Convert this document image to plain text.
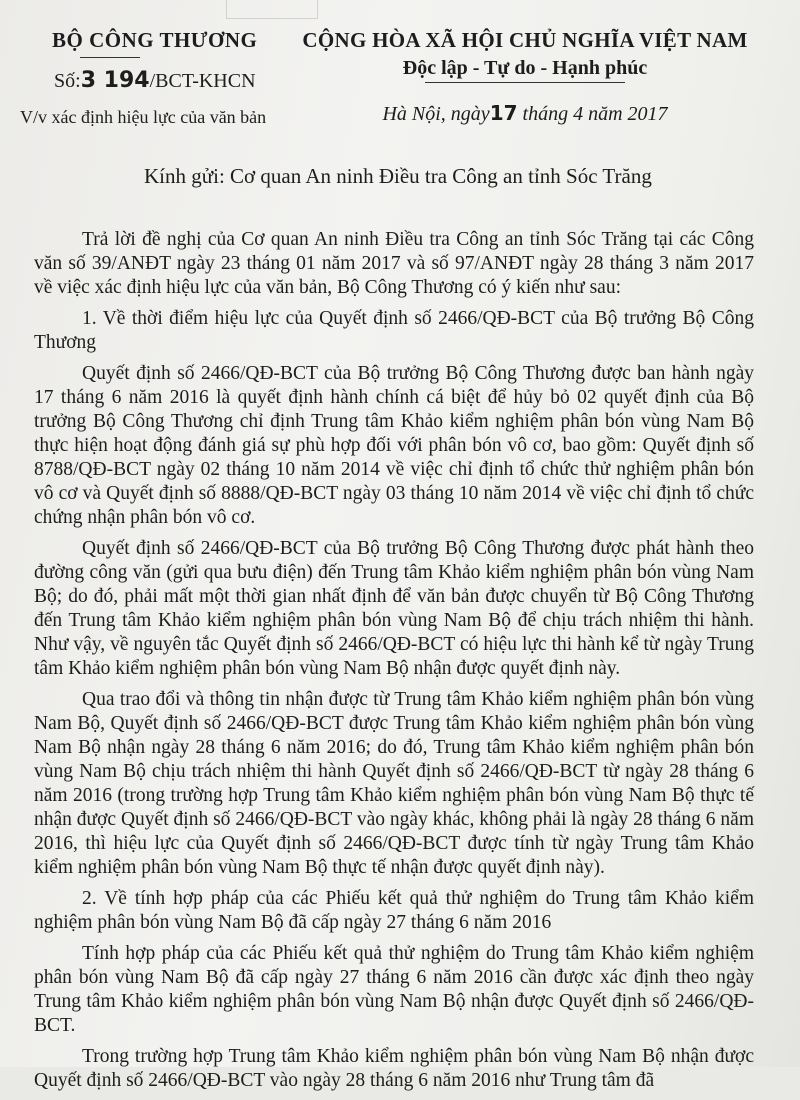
BỘ CÔNG THƯƠNG
Số:3 194/BCT-KHCN
V/v xác định hiệu lực của văn bản
CỘNG HÒA XÃ HỘI CHỦ NGHĨA VIỆT NAM
Độc lập - Tự do - Hạnh phúc
Hà Nội, ngày17 tháng 4 năm 2017
Kính gửi: Cơ quan An ninh Điều tra Công an tỉnh Sóc Trăng

Trả lời đề nghị của Cơ quan An ninh Điều tra Công an tỉnh Sóc Trăng tại các Công văn số 39/ANĐT ngày 23 tháng 01 năm 2017 và số 97/ANĐT ngày 28 tháng 3 năm 2017 về việc xác định hiệu lực của văn bản, Bộ Công Thương có ý kiến như sau:

1. Về thời điểm hiệu lực của Quyết định số 2466/QĐ-BCT của Bộ trưởng Bộ Công Thương

Quyết định số 2466/QĐ-BCT của Bộ trưởng Bộ Công Thương được ban hành ngày 17 tháng 6 năm 2016 là quyết định hành chính cá biệt để hủy bỏ 02 quyết định của Bộ trưởng Bộ Công Thương chỉ định Trung tâm Khảo kiểm nghiệm phân bón vùng Nam Bộ thực hiện hoạt động đánh giá sự phù hợp đối với phân bón vô cơ, bao gồm: Quyết định số 8788/QĐ-BCT ngày 02 tháng 10 năm 2014 về việc chỉ định tổ chức thử nghiệm phân bón vô cơ và Quyết định số 8888/QĐ-BCT ngày 03 tháng 10 năm 2014 về việc chỉ định tổ chức chứng nhận phân bón vô cơ.

Quyết định số 2466/QĐ-BCT của Bộ trưởng Bộ Công Thương được phát hành theo đường công văn (gửi qua bưu điện) đến Trung tâm Khảo kiểm nghiệm phân bón vùng Nam Bộ; do đó, phải mất một thời gian nhất định để văn bản được chuyển từ Bộ Công Thương đến Trung tâm Khảo kiểm nghiệm phân bón vùng Nam Bộ để chịu trách nhiệm thi hành. Như vậy, về nguyên tắc Quyết định số 2466/QĐ-BCT có hiệu lực thi hành kể từ ngày Trung tâm Khảo kiểm nghiệm phân bón vùng Nam Bộ nhận được quyết định này.

Qua trao đổi và thông tin nhận được từ Trung tâm Khảo kiểm nghiệm phân bón vùng Nam Bộ, Quyết định số 2466/QĐ-BCT được Trung tâm Khảo kiểm nghiệm phân bón vùng Nam Bộ nhận ngày 28 tháng 6 năm 2016; do đó, Trung tâm Khảo kiểm nghiệm phân bón vùng Nam Bộ chịu trách nhiệm thi hành Quyết định số 2466/QĐ-BCT từ ngày 28 tháng 6 năm 2016 (trong trường hợp Trung tâm Khảo kiểm nghiệm phân bón vùng Nam Bộ thực tế nhận được Quyết định số 2466/QĐ-BCT vào ngày khác, không phải là ngày 28 tháng 6 năm 2016, thì hiệu lực của Quyết định số 2466/QĐ-BCT được tính từ ngày Trung tâm Khảo kiểm nghiệm phân bón vùng Nam Bộ thực tế nhận được quyết định này).

2. Về tính hợp pháp của các Phiếu kết quả thử nghiệm do Trung tâm Khảo kiểm nghiệm phân bón vùng Nam Bộ đã cấp ngày 27 tháng 6 năm 2016

Tính hợp pháp của các Phiếu kết quả thử nghiệm do Trung tâm Khảo kiểm nghiệm phân bón vùng Nam Bộ đã cấp ngày 27 tháng 6 năm 2016 cần được xác định theo ngày Trung tâm Khảo kiểm nghiệm phân bón vùng Nam Bộ nhận được Quyết định số 2466/QĐ-BCT.

Trong trường hợp Trung tâm Khảo kiểm nghiệm phân bón vùng Nam Bộ nhận được Quyết định số 2466/QĐ-BCT vào ngày 28 tháng 6 năm 2016 như Trung tâm đã
